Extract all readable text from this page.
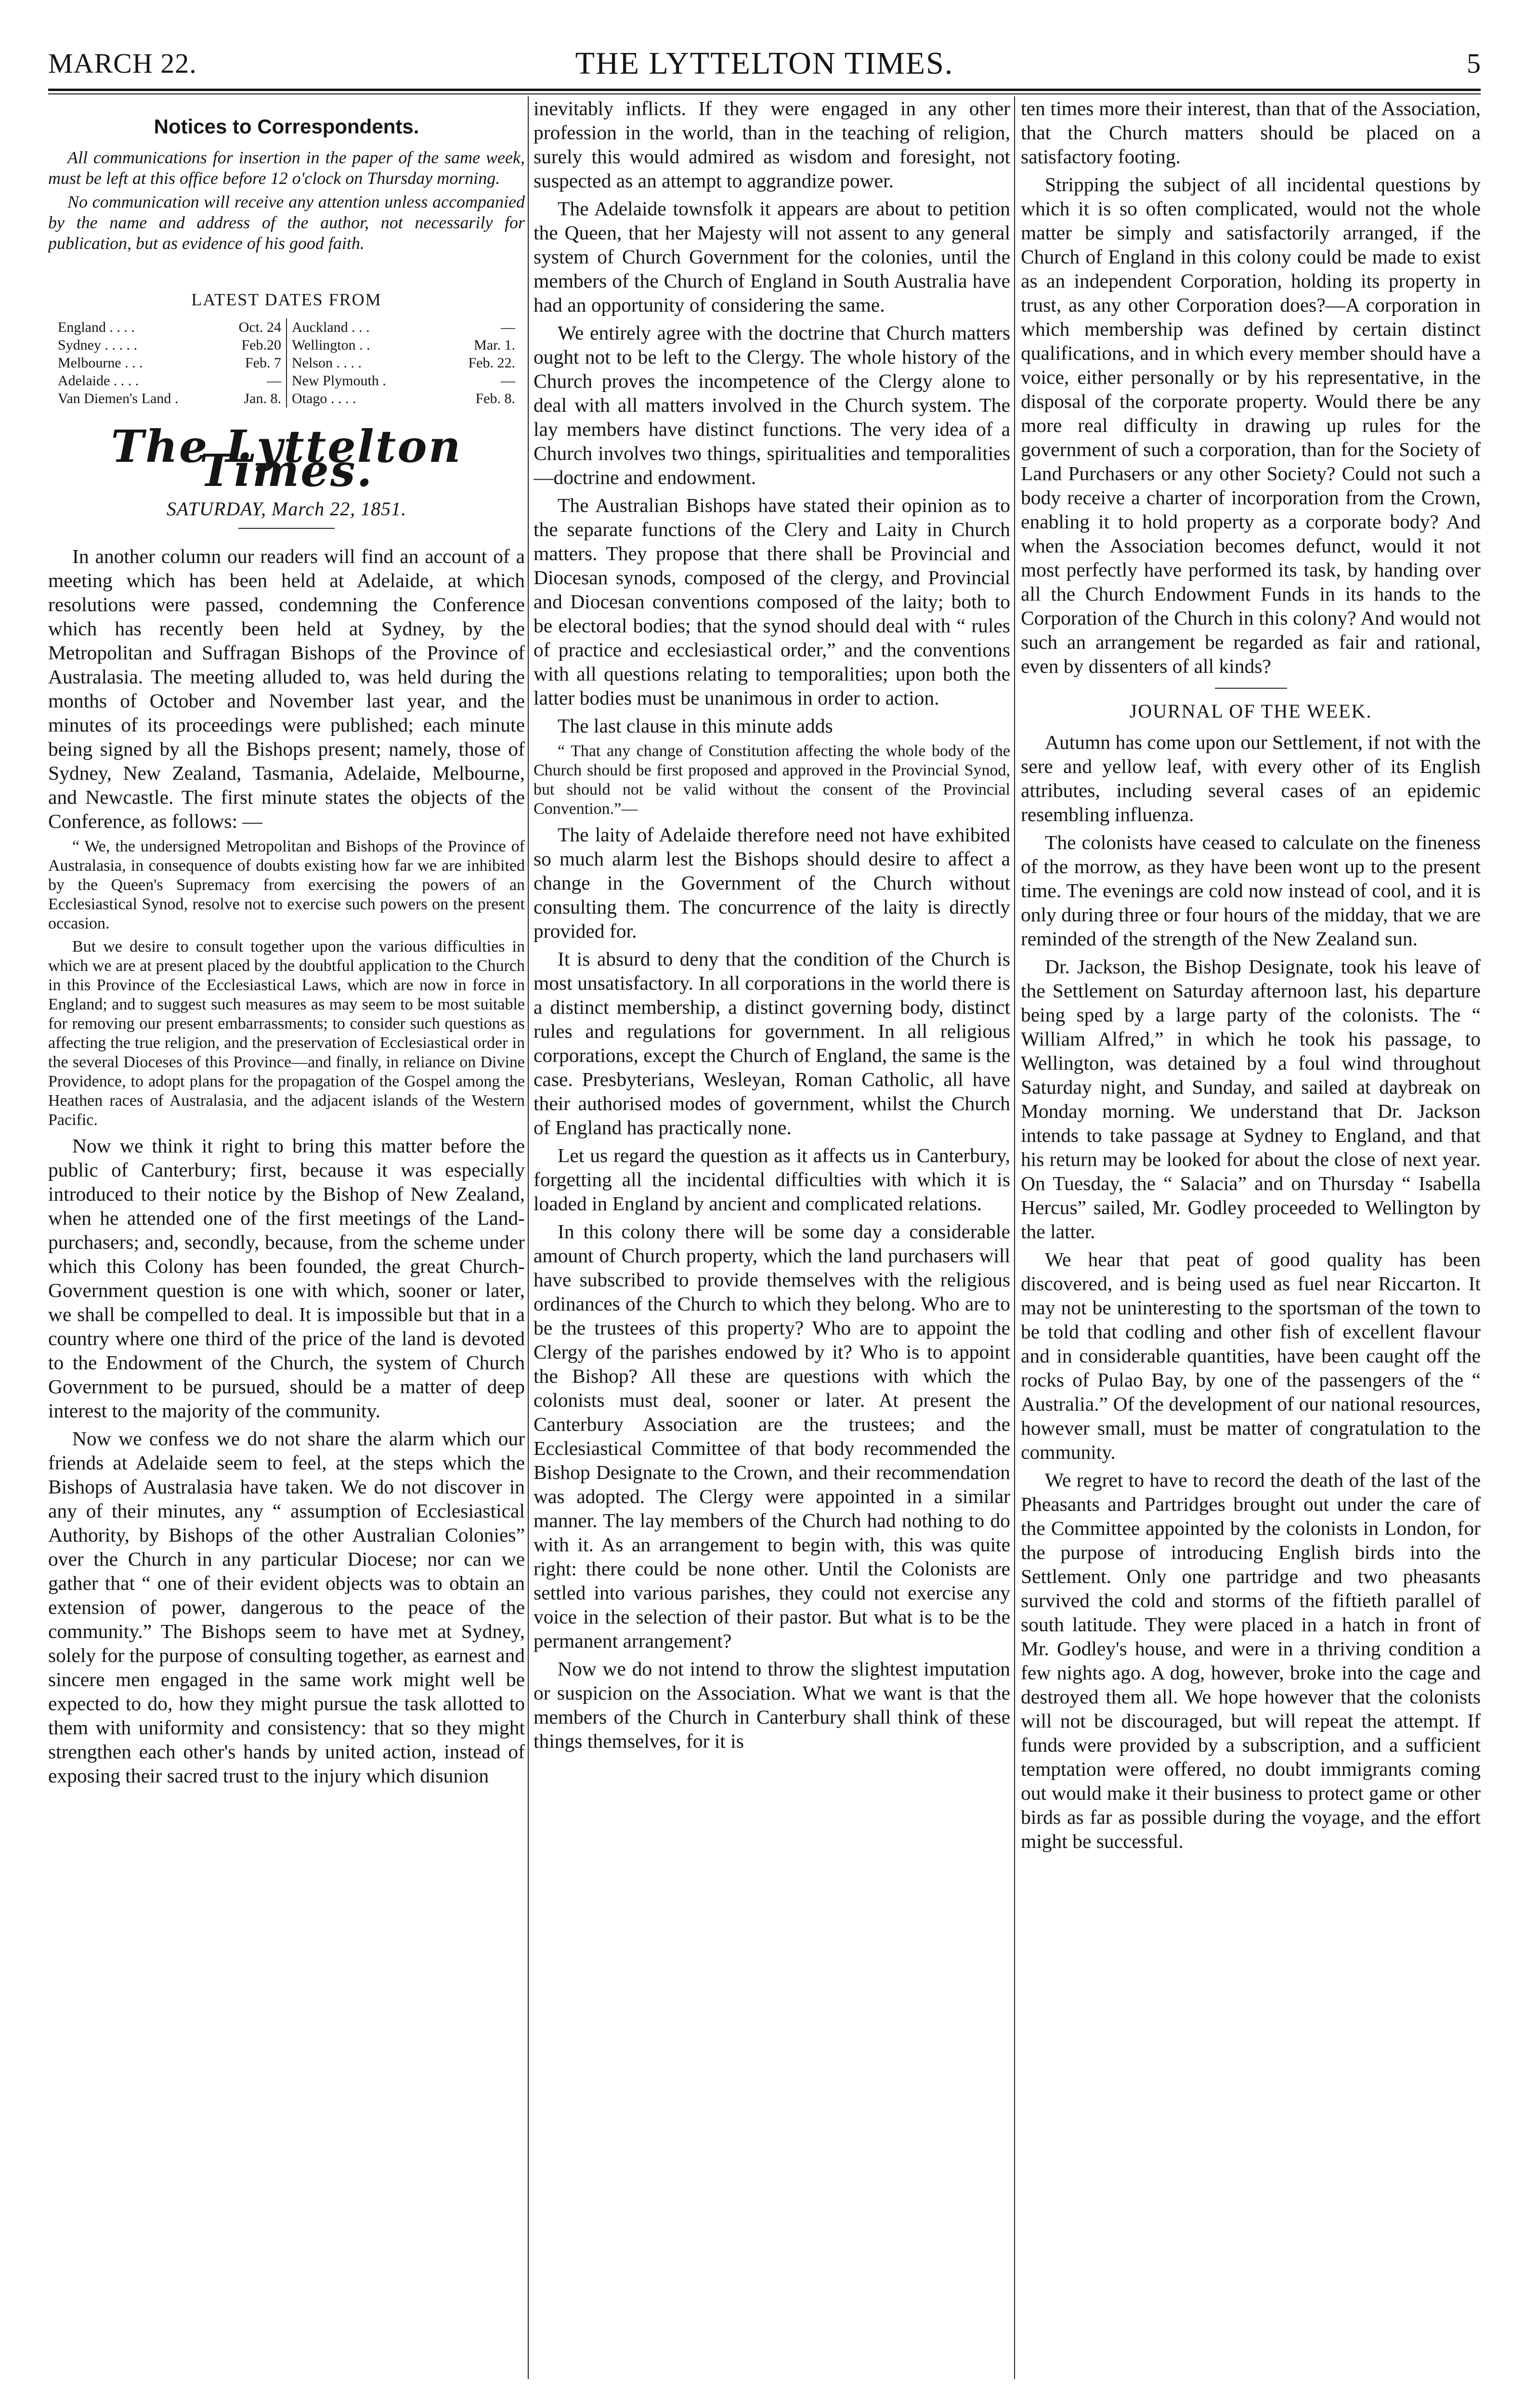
MARCH 22.	THE LYTTELTON TIMES.	5
Notices to Correspondents.
All communications for insertion in the paper of the same week, must be left at this office before 12 o'clock on Thursday morning.
No communication will receive any attention unless accompanied by the name and address of the author, not necessarily for publication, but as evidence of his good faith.
LATEST DATES FROM
England . . . .	Oct. 24
Sydney . . . . .	Feb.20
Melbourne . . .	Feb. 7
Adelaide . . . .	—
Van Diemen's Land .	Jan. 8.
Auckland . . .	—
Wellington . .	Mar. 1.
Nelson . . . .	Feb. 22.
New Plymouth .	—
Otago . . . .	Feb. 8.
The Lyttelton Times.
SATURDAY, March 22, 1851.

In another column our readers will find an account of a meeting which has been held at Adelaide, at which resolutions were passed, condemning the Conference which has recently been held at Sydney, by the Metropolitan and Suffragan Bishops of the Province of Australasia. The meeting alluded to, was held during the months of October and November last year, and the minutes of its proceedings were published; each minute being signed by all the Bishops present; namely, those of Sydney, New Zealand, Tasmania, Adelaide, Melbourne, and Newcastle. The first minute states the objects of the Conference, as follows: —

“ We, the undersigned Metropolitan and Bishops of the Province of Australasia, in consequence of doubts existing how far we are inhibited by the Queen's Supremacy from exercising the powers of an Ecclesiastical Synod, resolve not to exercise such powers on the present occasion.

But we desire to consult together upon the various difficulties in which we are at present placed by the doubtful application to the Church in this Province of the Ecclesiastical Laws, which are now in force in England; and to suggest such measures as may seem to be most suitable for removing our present embarrassments; to consider such questions as affecting the true religion, and the preservation of Ecclesiastical order in the several Dioceses of this Province—and finally, in reliance on Divine Providence, to adopt plans for the propagation of the Gospel among the Heathen races of Australasia, and the adjacent islands of the Western Pacific.

Now we think it right to bring this matter before the public of Canterbury; first, because it was especially introduced to their notice by the Bishop of New Zealand, when he attended one of the first meetings of the Land-purchasers; and, secondly, because, from the scheme under which this Colony has been founded, the great Church-Government question is one with which, sooner or later, we shall be compelled to deal. It is impossible but that in a country where one third of the price of the land is devoted to the Endowment of the Church, the system of Church Government to be pursued, should be a matter of deep interest to the majority of the community.

Now we confess we do not share the alarm which our friends at Adelaide seem to feel, at the steps which the Bishops of Australasia have taken. We do not discover in any of their minutes, any “ assumption of Ecclesiastical Authority, by Bishops of the other Australian Colonies” over the Church in any particular Diocese; nor can we gather that “ one of their evident objects was to obtain an extension of power, dangerous to the peace of the community.” The Bishops seem to have met at Sydney, solely for the purpose of consulting together, as earnest and sincere men engaged in the same work might well be expected to do, how they might pursue the task allotted to them with uniformity and consistency: that so they might strengthen each other's hands by united action, instead of exposing their sacred trust to the injury which disunion

inevitably inflicts. If they were engaged in any other profession in the world, than in the teaching of religion, surely this would admired as wisdom and foresight, not suspected as an attempt to aggrandize power.

The Adelaide townsfolk it appears are about to petition the Queen, that her Majesty will not assent to any general system of Church Government for the colonies, until the members of the Church of England in South Australia have had an opportunity of considering the same.

We entirely agree with the doctrine that Church matters ought not to be left to the Clergy. The whole history of the Church proves the incompetence of the Clergy alone to deal with all matters involved in the Church system. The lay members have distinct functions. The very idea of a Church involves two things, spiritualities and temporalities—doctrine and endowment.

The Australian Bishops have stated their opinion as to the separate functions of the Clery and Laity in Church matters. They propose that there shall be Provincial and Diocesan synods, composed of the clergy, and Provincial and Diocesan conventions composed of the laity; both to be electoral bodies; that the synod should deal with “ rules of practice and ecclesiastical order,” and the conventions with all questions relating to temporalities; upon both the latter bodies must be unanimous in order to action.

The last clause in this minute adds

“ That any change of Constitution affecting the whole body of the Church should be first proposed and approved in the Provincial Synod, but should not be valid without the consent of the Provincial Convention.”—

The laity of Adelaide therefore need not have exhibited so much alarm lest the Bishops should desire to affect a change in the Government of the Church without consulting them. The concurrence of the laity is directly provided for.

It is absurd to deny that the condition of the Church is most unsatisfactory. In all corporations in the world there is a distinct membership, a distinct governing body, distinct rules and regulations for government. In all religious corporations, except the Church of England, the same is the case. Presbyterians, Wesleyan, Roman Catholic, all have their authorised modes of government, whilst the Church of England has practically none.

Let us regard the question as it affects us in Canterbury, forgetting all the incidental difficulties with which it is loaded in England by ancient and complicated relations.

In this colony there will be some day a considerable amount of Church property, which the land purchasers will have subscribed to provide themselves with the religious ordinances of the Church to which they belong. Who are to be the trustees of this property? Who are to appoint the Clergy of the parishes endowed by it? Who is to appoint the Bishop? All these are questions with which the colonists must deal, sooner or later. At present the Canterbury Association are the trustees; and the Ecclesiastical Committee of that body recommended the Bishop Designate to the Crown, and their recommendation was adopted. The Clergy were appointed in a similar manner. The lay members of the Church had nothing to do with it. As an arrangement to begin with, this was quite right: there could be none other. Until the Colonists are settled into various parishes, they could not exercise any voice in the selection of their pastor. But what is to be the permanent arrangement?

Now we do not intend to throw the slightest imputation or suspicion on the Association. What we want is that the members of the Church in Canterbury shall think of these things themselves, for it is

ten times more their interest, than that of the Association, that the Church matters should be placed on a satisfactory footing.

Stripping the subject of all incidental questions by which it is so often complicated, would not the whole matter be simply and satisfactorily arranged, if the Church of England in this colony could be made to exist as an independent Corporation, holding its property in trust, as any other Corporation does?—A corporation in which membership was defined by certain distinct qualifications, and in which every member should have a voice, either personally or by his representative, in the disposal of the corporate property. Would there be any more real difficulty in drawing up rules for the government of such a corporation, than for the Society of Land Purchasers or any other Society? Could not such a body receive a charter of incorporation from the Crown, enabling it to hold property as a corporate body? And when the Association becomes defunct, would it not most perfectly have performed its task, by handing over all the Church Endowment Funds in its hands to the Corporation of the Church in this colony? And would not such an arrangement be regarded as fair and rational, even by dissenters of all kinds?

JOURNAL OF THE WEEK.

Autumn has come upon our Settlement, if not with the sere and yellow leaf, with every other of its English attributes, including several cases of an epidemic resembling influenza.

The colonists have ceased to calculate on the fineness of the morrow, as they have been wont up to the present time. The evenings are cold now instead of cool, and it is only during three or four hours of the midday, that we are reminded of the strength of the New Zealand sun.

Dr. Jackson, the Bishop Designate, took his leave of the Settlement on Saturday afternoon last, his departure being sped by a large party of the colonists. The “ William Alfred,” in which he took his passage, to Wellington, was detained by a foul wind throughout Saturday night, and Sunday, and sailed at daybreak on Monday morning. We understand that Dr. Jackson intends to take passage at Sydney to England, and that his return may be looked for about the close of next year. On Tuesday, the “ Salacia” and on Thursday “ Isabella Hercus” sailed, Mr. Godley proceeded to Wellington by the latter.

We hear that peat of good quality has been discovered, and is being used as fuel near Riccarton. It may not be uninteresting to the sportsman of the town to be told that codling and other fish of excellent flavour and in considerable quantities, have been caught off the rocks of Pulao Bay, by one of the passengers of the “ Australia.” Of the development of our national resources, however small, must be matter of congratulation to the community.

We regret to have to record the death of the last of the Pheasants and Partridges brought out under the care of the Committee appointed by the colonists in London, for the purpose of introducing English birds into the Settlement. Only one partridge and two pheasants survived the cold and storms of the fiftieth parallel of south latitude. They were placed in a hatch in front of Mr. Godley's house, and were in a thriving condition a few nights ago. A dog, however, broke into the cage and destroyed them all. We hope however that the colonists will not be discouraged, but will repeat the attempt. If funds were provided by a subscription, and a sufficient temptation were offered, no doubt immigrants coming out would make it their business to protect game or other birds as far as possible during the voyage, and the effort might be successful.
